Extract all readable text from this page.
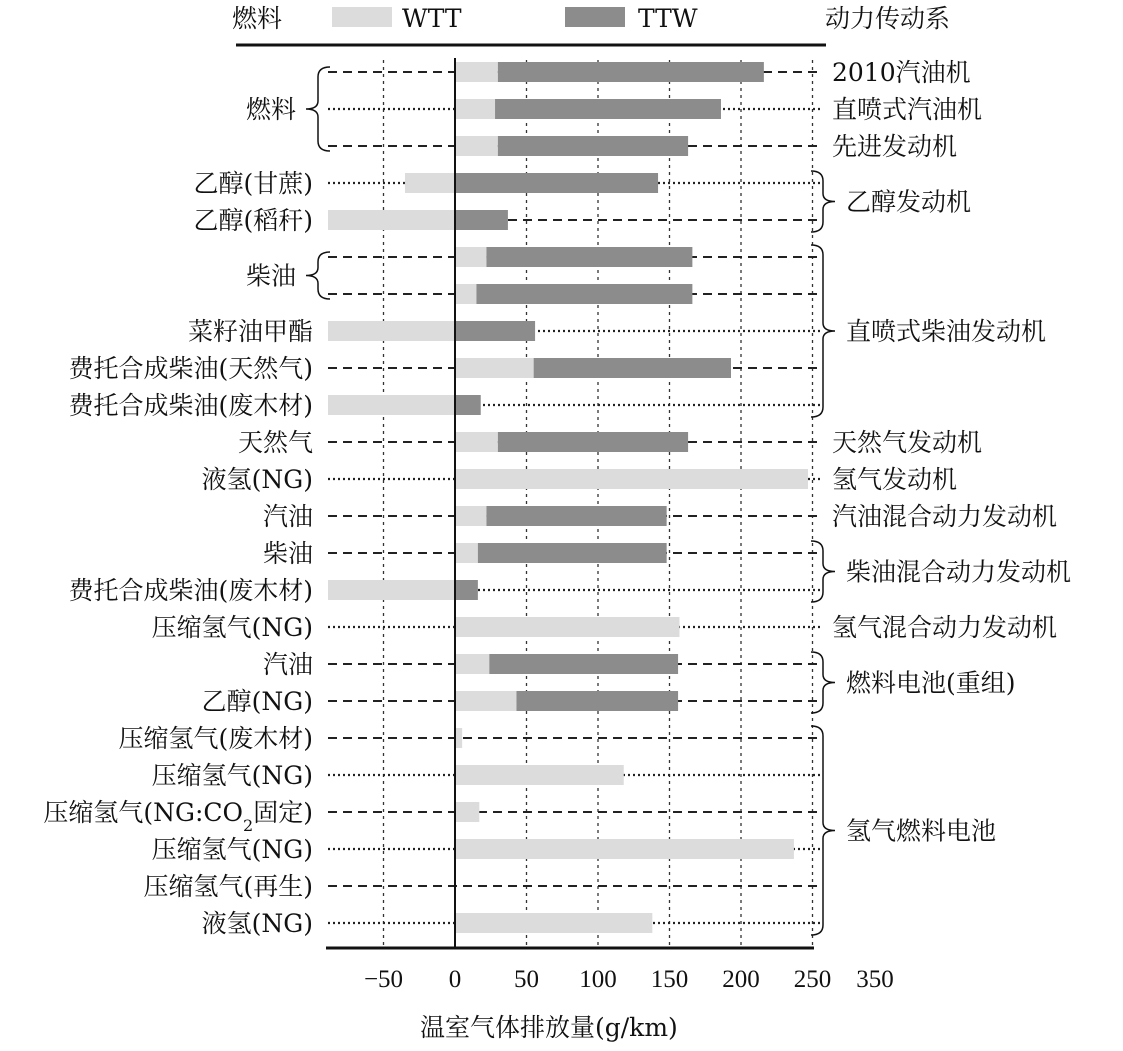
燃料	动力传动系
WTT	TTW
−50 0 50 100 150 200 250 350
乙醇(甘蔗)
乙醇(稻秆)
菜籽油甲酯
费托合成柴油(天然气)
费托合成柴油(废木材)
天然气
液氢(NG)
汽油
柴油
费托合成柴油(废木材)
压缩氢气(NG)
汽油
乙醇(NG)
压缩氢气(废木材)
压缩氢气(NG)
压缩氢气($NG:CO_2$固定)
压缩氢气(NG)
压缩氢气(再生)
液氢(NG)
燃料
柴油
2010汽油机
直喷式汽油机
先进发动机
乙醇发动机
直喷式柴油发动机
天然气发动机
氢气发动机
汽油混合动力发动机
柴油混合动力发动机
氢气混合动力发动机
燃料电池(重组)
氢气燃料电池
温室气体排放量(g/km)
